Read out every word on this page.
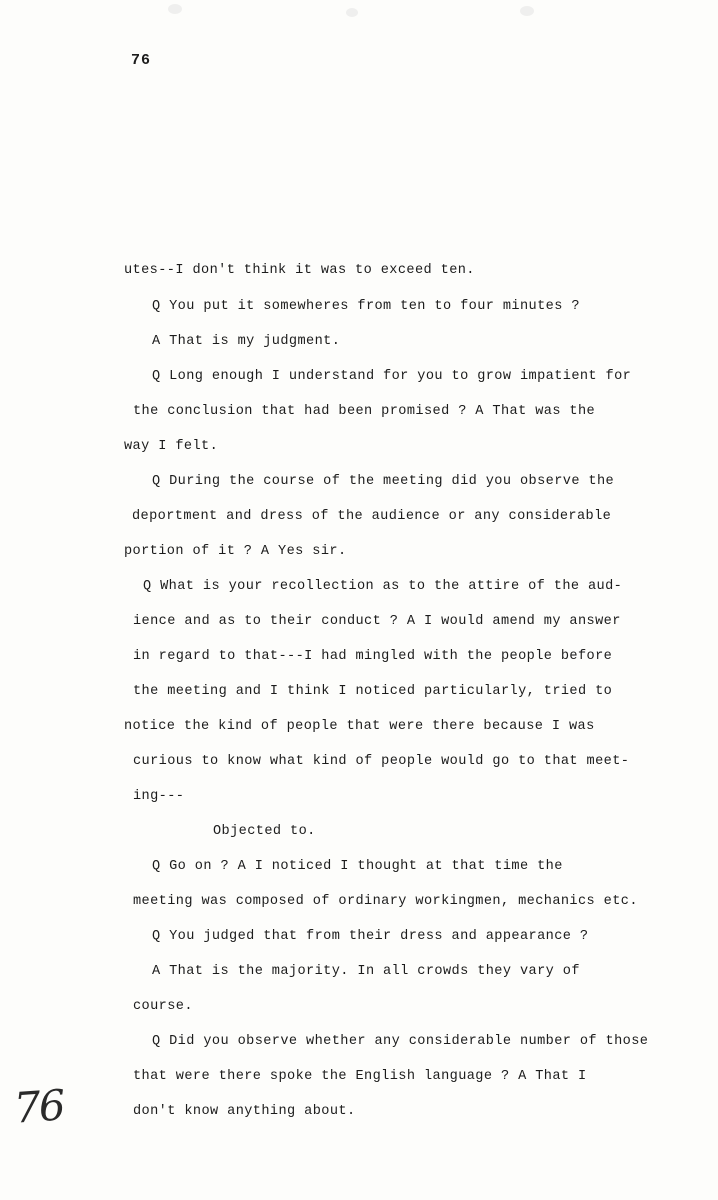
76
utes--I don't think it was to exceed ten.
Q You put it somewheres from ten to four minutes ?
A That is my judgment.
Q Long enough I understand for you to grow impatient for
the conclusion that had been promised ? A That was the
way I felt.
Q During the course of the meeting did you observe the
deportment and dress of the audience or any considerable
portion of it ? A Yes sir.
Q What is your recollection as to the attire of the aud-
ience and as to their conduct ? A I would amend my answer
in regard to that---I had mingled with the people before
the meeting and I think I noticed particularly, tried to
notice the kind of people that were there because I was
curious to know what kind of people would go to that meet-
ing---
Objected to.
Q Go on ? A I noticed I thought at that time the
meeting was composed of ordinary workingmen, mechanics etc.
Q You judged that from their dress and appearance ?
A That is the majority. In all crowds they vary of
course.
Q Did you observe whether any considerable number of those
that were there spoke the English language ? A That I
don't know anything about.
76
